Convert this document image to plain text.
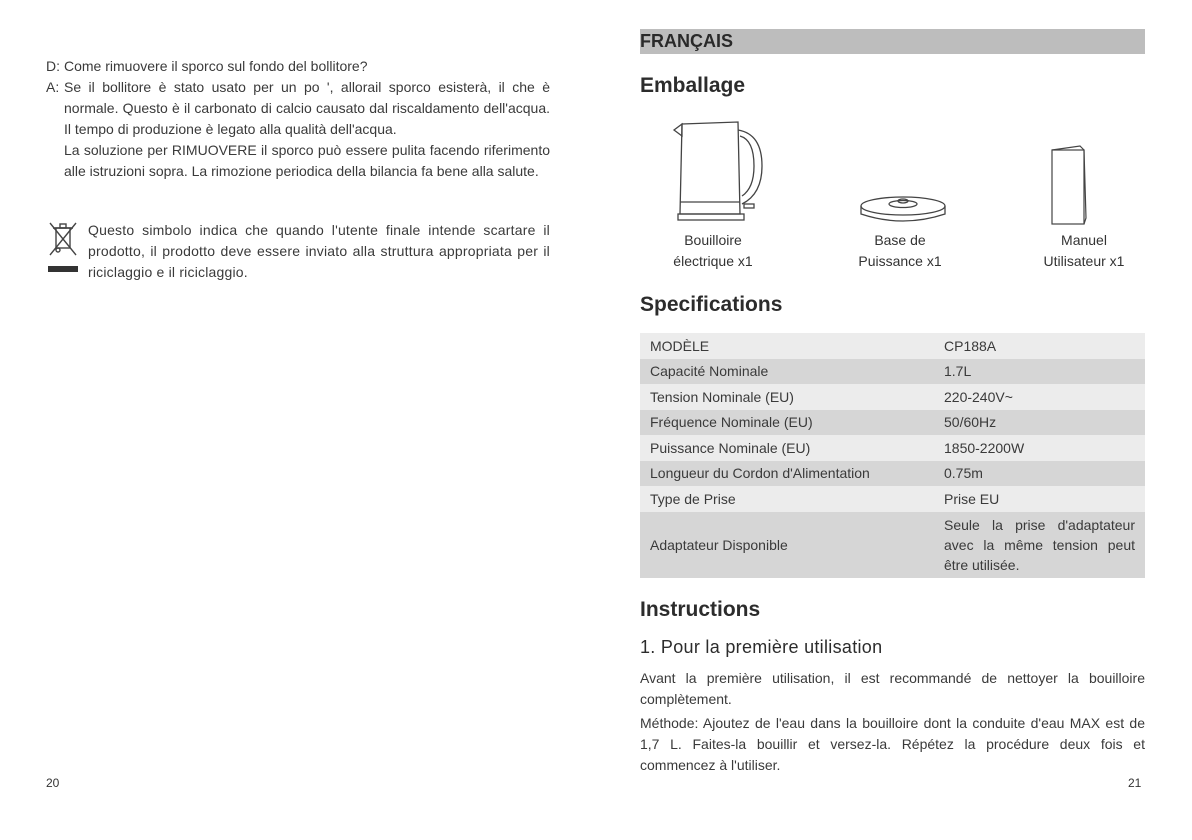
D: Come rimuovere il sporco sul fondo del bollitore?
A: Se il bollitore è stato usato per un po ', allorail sporco esisterà, il che è normale. Questo è il carbonato di calcio causato dal riscaldamento dell'acqua. Il tempo di produzione è legato alla qualità dell'acqua.
La soluzione per RIMUOVERE il sporco può essere pulita facendo riferimento alle istruzioni sopra. La rimozione periodica della bilancia fa bene alla salute.
Questo simbolo indica che quando l'utente finale intende scartare il prodotto, il prodotto deve essere inviato alla struttura appropriata per il riciclaggio e il riciclaggio.
20
FRANÇAIS
Emballage
Bouilloire
électrique x1
Base de
Puissance x1
Manuel
Utilisateur x1
Specifications
MODÈLE	CP188A
Capacité Nominale	1.7L
Tension Nominale (EU)	220-240V~
Fréquence Nominale (EU)	50/60Hz
Puissance Nominale (EU)	1850-2200W
Longueur du Cordon d'Alimentation	0.75m
Type de Prise	Prise EU
Adaptateur Disponible	Seule la prise d'adaptateur avec la même tension peut être utilisée.
Instructions
1. Pour la première utilisation
Avant la première utilisation, il est recommandé de nettoyer la bouilloire complètement.
Méthode: Ajoutez de l'eau dans la bouilloire dont la conduite d'eau MAX est de 1,7 L. Faites-la bouillir et versez-la. Répétez la procédure deux fois et commencez à l'utiliser.
21
